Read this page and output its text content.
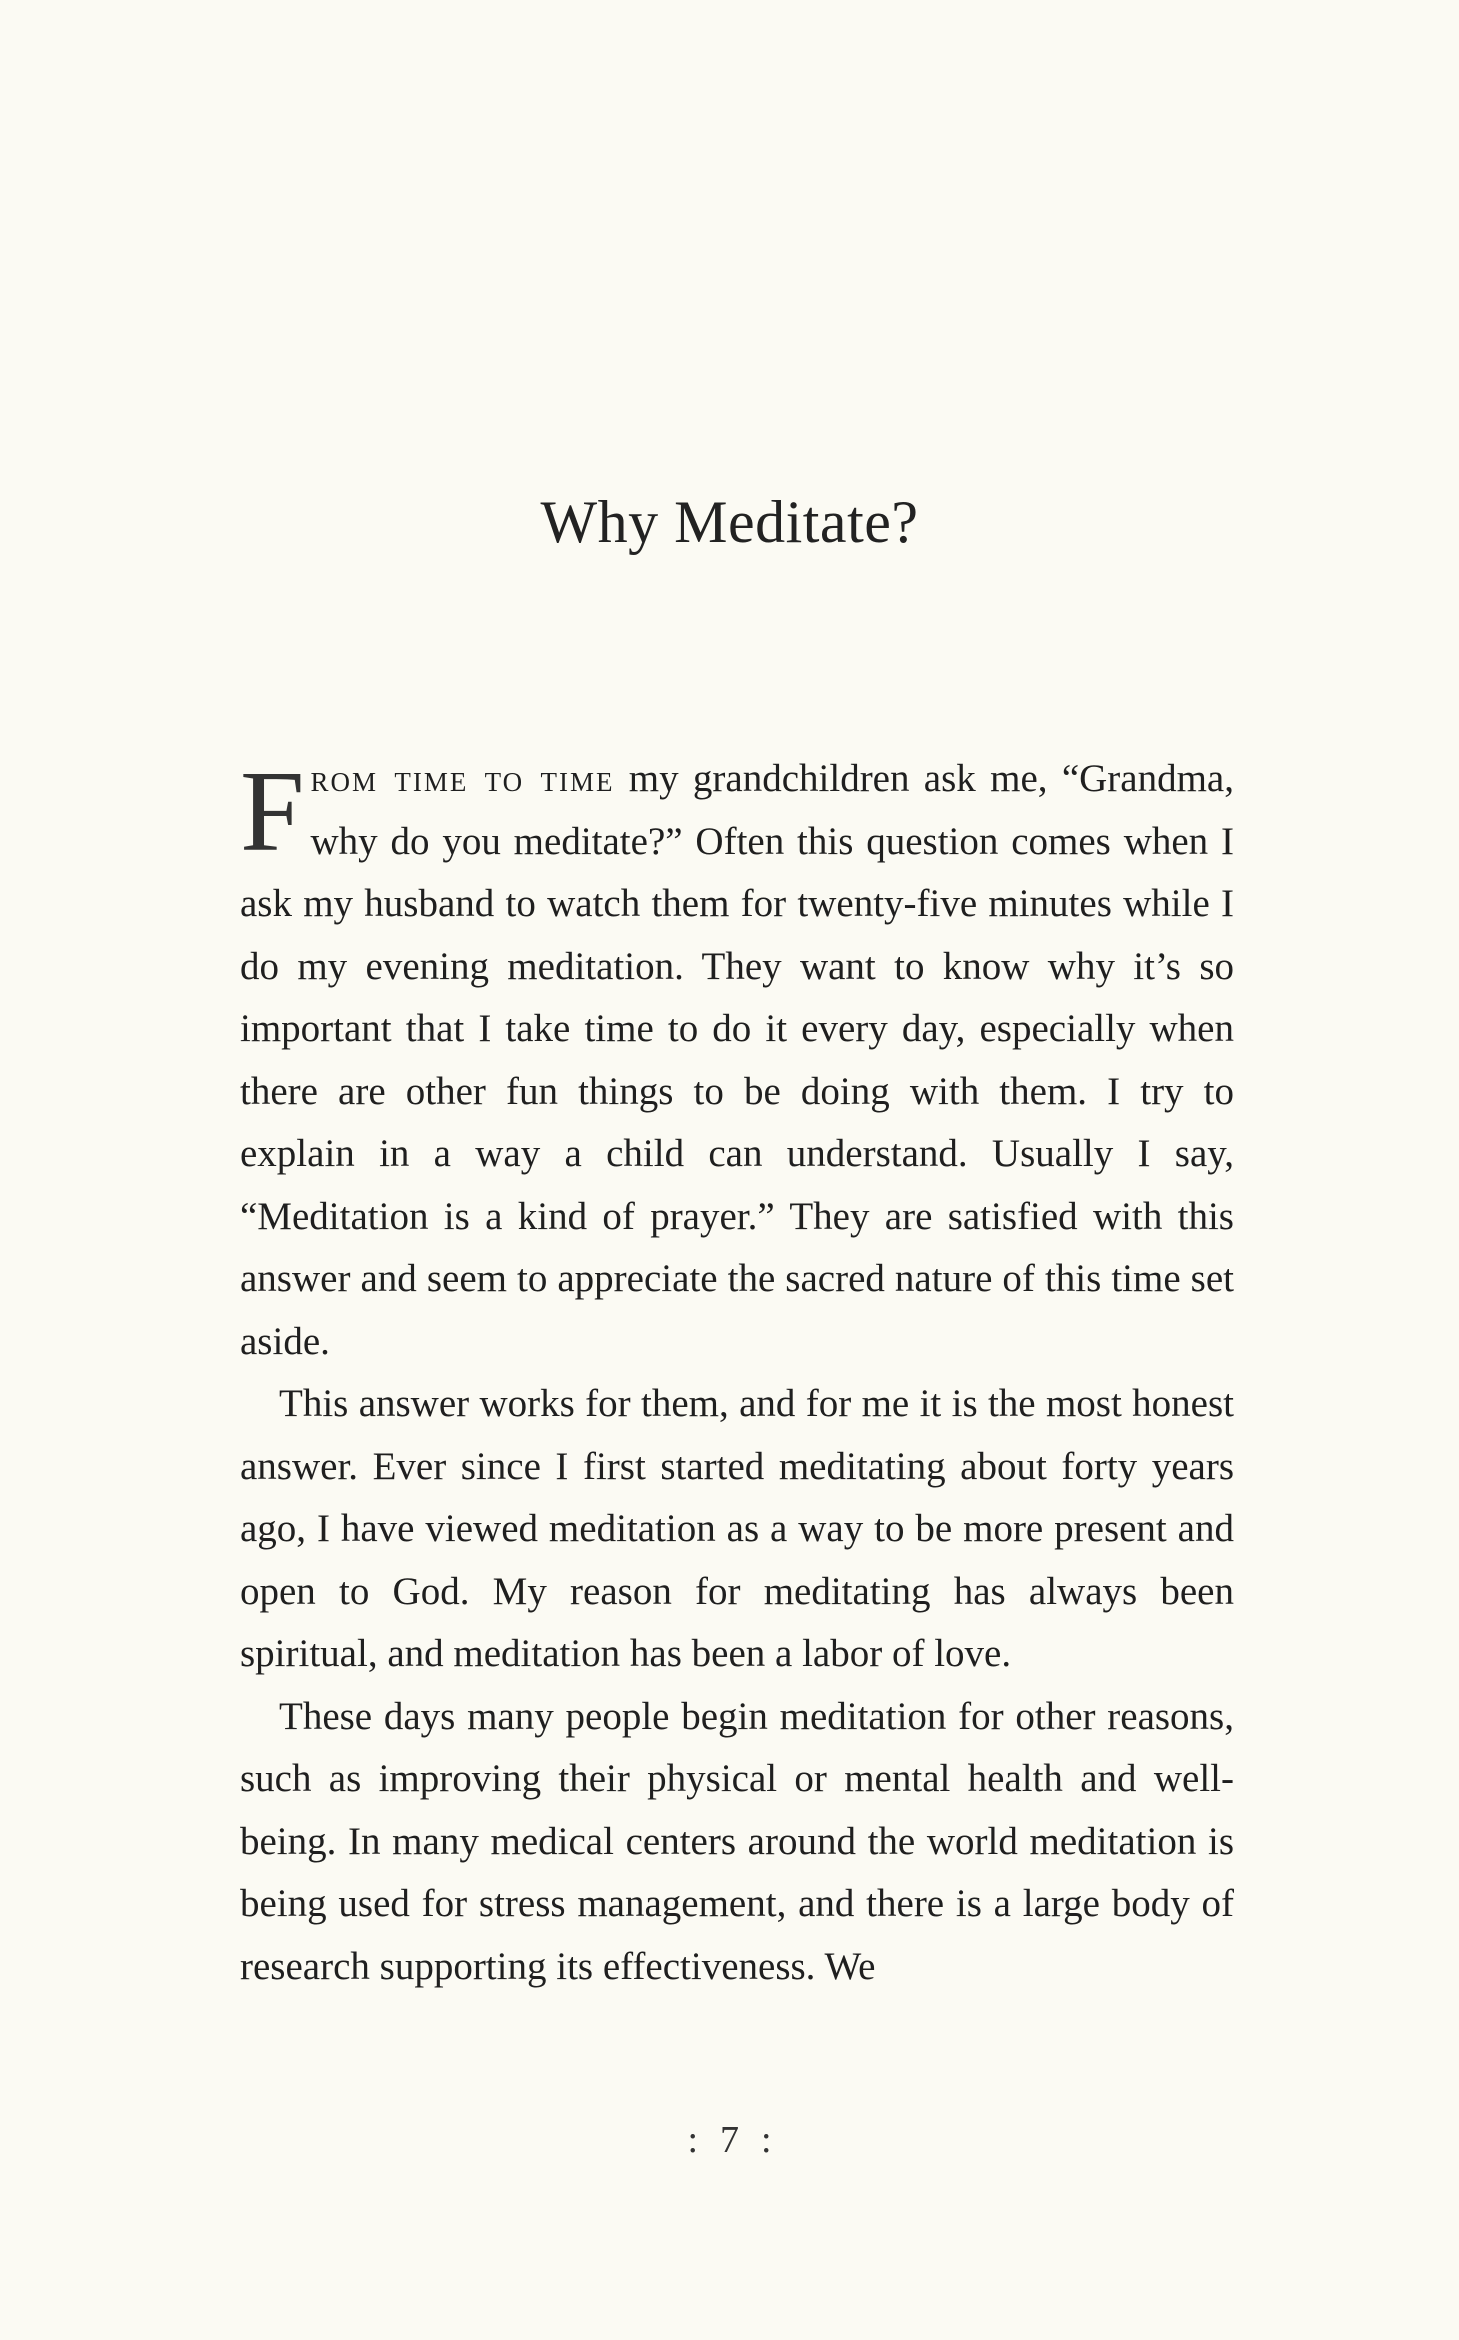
Why Meditate?

From time to time my grandchildren ask me, “Grandma, why do you meditate?” Often this question comes when I ask my husband to watch them for twenty-five minutes while I do my evening meditation. They want to know why it’s so important that I take time to do it every day, especially when there are other fun things to be doing with them. I try to explain in a way a child can understand. Usually I say, “Meditation is a kind of prayer.” They are satisfied with this answer and seem to appreciate the sacred nature of this time set aside.

This answer works for them, and for me it is the most honest answer. Ever since I first started meditating about forty years ago, I have viewed meditation as a way to be more present and open to God. My reason for meditating has always been spiritual, and meditation has been a labor of love.

These days many people begin meditation for other reasons, such as improving their physical or mental health and well-being. In many medical centers around the world meditation is being used for stress management, and there is a large body of research supporting its effectiveness. We

: 7 :
